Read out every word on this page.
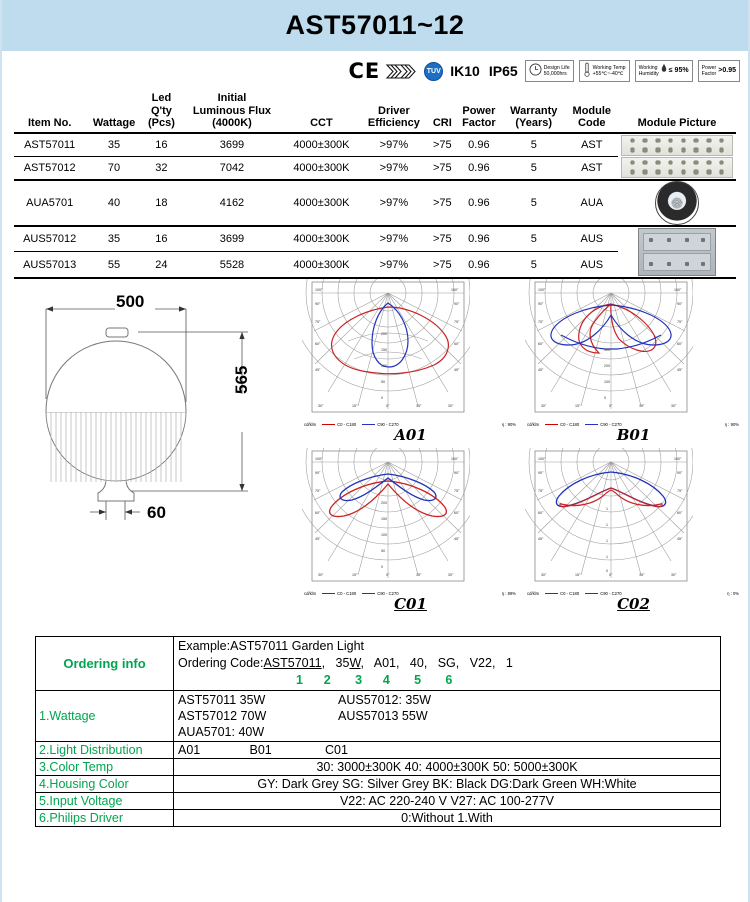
AST57011~12
CE	TUV IK10 IP65	Design Life
50,000hrs
Working Temp
+55℃~-40℃
Working
Humidity
≤ 95%	Power
Factor
>0.95
Item No.	Wattage	
Led
Q'ty
(Pcs)

Initial
Luminous Flux
(4000K)	CCT	
Driver
Efficiency	CRI	
Power
Factor

Warranty
(Years)

Module
Code	Module Picture
AST57011	35	16	3699	4000±300K	>97%	>75	0.96	5	AST	

AST57012	70	32	7042	4000±300K	>97%	>75	0.96	5	AST	
AUA5701	40	18	4162	4000±300K	>97%	>75	0.96	5	AUA	

AUS57012	35	16	3699	4000±300K	>97%	>75	0.96	5	AUS	

AUS57013	55	24	5528	4000±300K	>97%	>75	0.96	5	AUS	
500
565
60
100°	100°
90°	90°
75°	75°
60°	60°
45°	45°
30°	15°	0°	15°	30°
200
150
100
50
0
cd/klm	C0 - C180	C90 - C270	η : 90%
A01
100°	100°
90°	90°
75°	75°
60°	60°
45°	45°
30°	15°	0°	15°	30°
300
200
100
0
cd/klm	C0 - C180	C90 - C270	η : 90%
B01
100°	100°
90°	90°
75°	75°
60°	60°
45°	45°
30°	15°	0°	15°	30°
200
150
100
50
0
cd/klm	C0 - C180	C90 - C270	η : 89%
C01
100°	100°
90°	90°
75°	75°
60°	60°
45°	45°
30°	15°	0°	15°	30°
1
1
1
1
0
cd/klm	C0 - C180	C90 - C270	η : 0%
C02
Ordering info	Example:AST57011 Garden Light
Ordering Code:AST57011,   35W,   A01,   40,   SG,   V22,   1
1 2 3 4 5 6

1.Wattage	AST57011 35W
AST57012 70W
AUA5701: 40W
AUS57012: 35W
AUS57013 55W

2.Light Distribution	A01 B01 C01
3.Color Temp	30: 3000±300K 40: 4000±300K 50: 5000±300K
4.Housing Color	GY: Dark Grey SG: Silver Grey BK: Black DG:Dark Green WH:White
5.Input Voltage	V22: AC 220-240 V V27: AC 100-277V
6.Philips Driver	0:Without 1.With
